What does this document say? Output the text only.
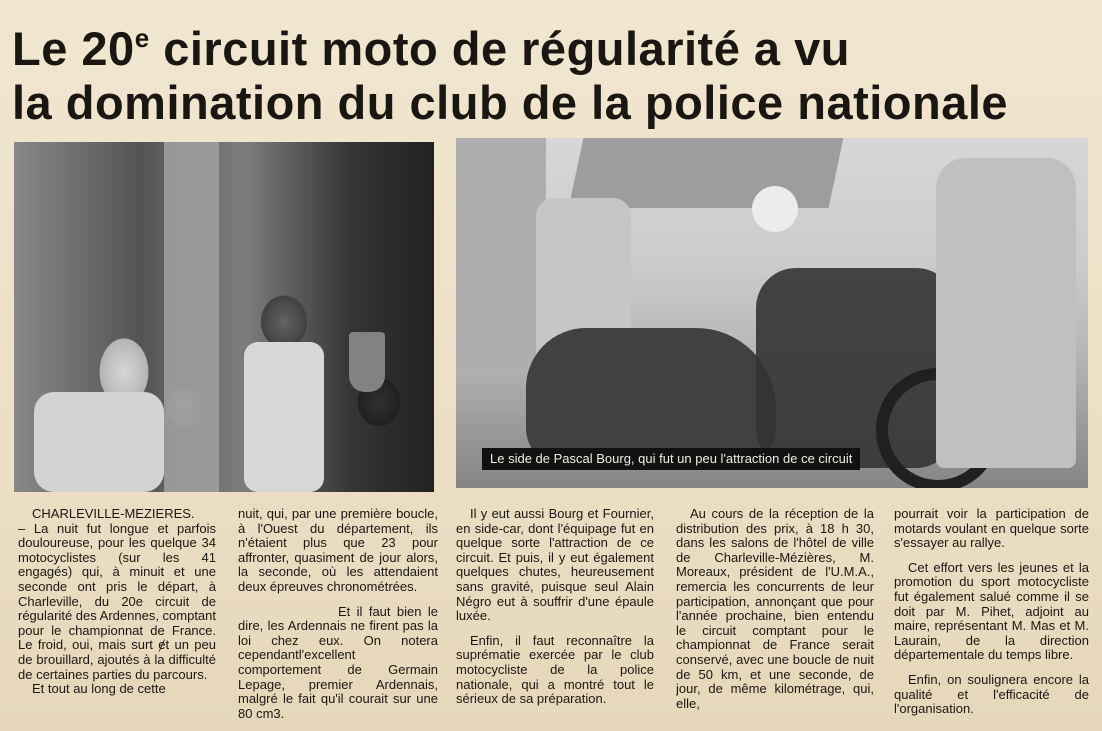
Le 20e circuit moto de régularité a vu
la domination du club de la police nationale
Le side de Pascal Bourg, qui fut un peu l'attraction de ce circuit
CHARLEVILLE-MEZIERES.
– La nuit fut longue et parfois douloureuse, pour les quelque 34 motocyclistes (sur les 41 engagés) qui, à minuit et une seconde ont pris le départ, à Charleville, du 20e circuit de régularité des Ardennes, comptant pour le championnat de France. Le froid, oui, mais surt ɇt un peu de brouillard, ajoutés à la difficulté de certaines parties du parcours.
Et tout au long de cette
nuit, qui, par une première boucle, à l'Ouest du département, ils n'étaient plus que 23 pour affronter, quasiment de jour alors, la seconde, où les attendaient deux épreuves chronométrées.
Et il faut bien le dire, les Ardennais ne firent pas la loi chez eux. On notera cependantl'excellent comportement de Germain Lepage, premier Ardennais, malgré le fait qu'il courait sur une 80 cm3.
Il y eut aussi Bourg et Fournier, en side-car, dont l'équipage fut en quelque sorte l'attraction de ce circuit. Et puis, il y eut également quelques chutes, heureusement sans gravité, puisque seul Alain Négro eut à souffrir d'une épaule luxée.
Enfin, il faut reconnaître la suprématie exercée par le club motocycliste de la police nationale, qui a montré tout le sérieux de sa préparation.
Au cours de la réception de la distribution des prix, à 18 h 30, dans les salons de l'hôtel de ville de Charleville-Mézières, M. Moreaux, président de l'U.M.A., remercia les concurrents de leur participation, annonçant que pour l'année prochaine, bien entendu le circuit comptant pour le championnat de France serait conservé, avec une boucle de nuit de 50 km, et une seconde, de jour, de même kilométrage, qui, elle,
pourrait voir la participation de motards voulant en quelque sorte s'essayer au rallye.
Cet effort vers les jeunes et la promotion du sport motocycliste fut également salué comme il se doit par M. Pihet, adjoint au maire, représentant M. Mas et M. Laurain, de la direction départementale du temps libre.
Enfin, on soulignera encore la qualité et l'efficacité de l'organisation.
